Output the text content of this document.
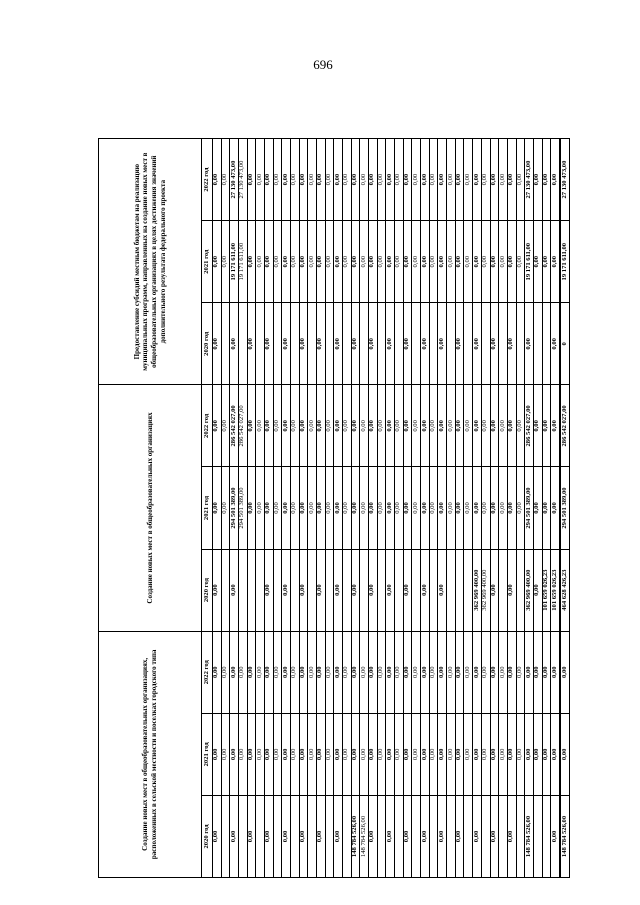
696
Создание новых мест в общеобразовательных организациях, расположенных в сельской местности и поселках городского типа			Создание новых мест в общеобразовательных организациях			Предоставление субсидий местным бюджетам на реализацию муниципальных программ, направленных на создание новых мест в общеобразовательных организациях в целях достижения значений дополнительного результата федерального проекта		
2020 год	2021 год	2022 год	2020 год	2021 год	2022 год	2020 год	2021 год	2022 год
0,00	0,00	0,00	0,00	0,00	0,00	0,00	0,00	0,00
	0,00	0,00		0,00	0,00		0,00	0,00
0,00	0,00	0,00	0,00	294 501 389,00	286 542 027,00	0,00	19 171 611,00	27 130 473,00
	0,00	0,00		294 501 389,00	286 542 027,00		19 171 611,00	27 130 473,00
0,00	0,00	0,00		0,00	0,00	0,00	0,00	0,00
	0,00	0,00		0,00	0,00		0,00	0,00
0,00	0,00	0,00	0,00	0,00	0,00	0,00	0,00	0,00
	0,00	0,00		0,00	0,00		0,00	0,00
0,00	0,00	0,00	0,00	0,00	0,00	0,00	0,00	0,00
	0,00	0,00		0,00	0,00		0,00	0,00
0,00	0,00	0,00	0,00	0,00	0,00	0,00	0,00	0,00
	0,00	0,00		0,00	0,00		0,00	0,00
0,00	0,00	0,00	0,00	0,00	0,00	0,00	0,00	0,00
	0,00	0,00		0,00	0,00		0,00	0,00
0,00	0,00	0,00	0,00	0,00	0,00	0,00	0,00	0,00
	0,00	0,00		0,00	0,00		0,00	0,00
148 784 526,00	0,00	0,00	0,00	0,00	0,00	0,00	0,00	0,00
148 784 526,00	0,00	0,00		0,00	0,00		0,00	0,00
0,00	0,00	0,00	0,00	0,00	0,00	0,00	0,00	0,00
	0,00	0,00		0,00	0,00		0,00	0,00
0,00	0,00	0,00	0,00	0,00	0,00	0,00	0,00	0,00
	0,00	0,00		0,00	0,00		0,00	0,00
0,00	0,00	0,00	0,00	0,00	0,00	0,00	0,00	0,00
	0,00	0,00		0,00	0,00		0,00	0,00
0,00	0,00	0,00	0,00	0,00	0,00	0,00	0,00	0,00
	0,00	0,00		0,00	0,00		0,00	0,00
0,00	0,00	0,00	0,00	0,00	0,00	0,00	0,00	0,00
	0,00	0,00		0,00	0,00		0,00	0,00
0,00	0,00	0,00		0,00	0,00	0,00	0,00	0,00
	0,00	0,00		0,00	0,00		0,00	0,00
0,00	0,00	0,00	362 969 400,00	0,00	0,00	0,00	0,00	0,00
	0,00	0,00	362 969 400,00	0,00	0,00		0,00	0,00
0,00	0,00	0,00	0,00	0,00	0,00	0,00	0,00	0,00
	0,00	0,00		0,00	0,00		0,00	0,00
0,00	0,00	0,00	0,00	0,00	0,00	0,00	0,00	0,00
	0,00	0,00		0,00	0,00		0,00	0,00
148 784 526,00	0,00	0,00	362 969 400,00	294 501 389,00	286 542 027,00	0,00	19 171 611,00	27 130 473,00
	0,00	0,00	0,00	0,00	0,00		0,00	0,00
	0,00	0,00	101 659 026,23	0,00	0,00		0,00	0,00
0,00	0,00	0,00	101 659 026,23	0,00	0,00	0,00	0,00	0,00

148 784 526,00	0,00	0,00	464 628 426,23	294 501 389,00	286 542 027,00	0	19 171 611,00	27 130 473,00
